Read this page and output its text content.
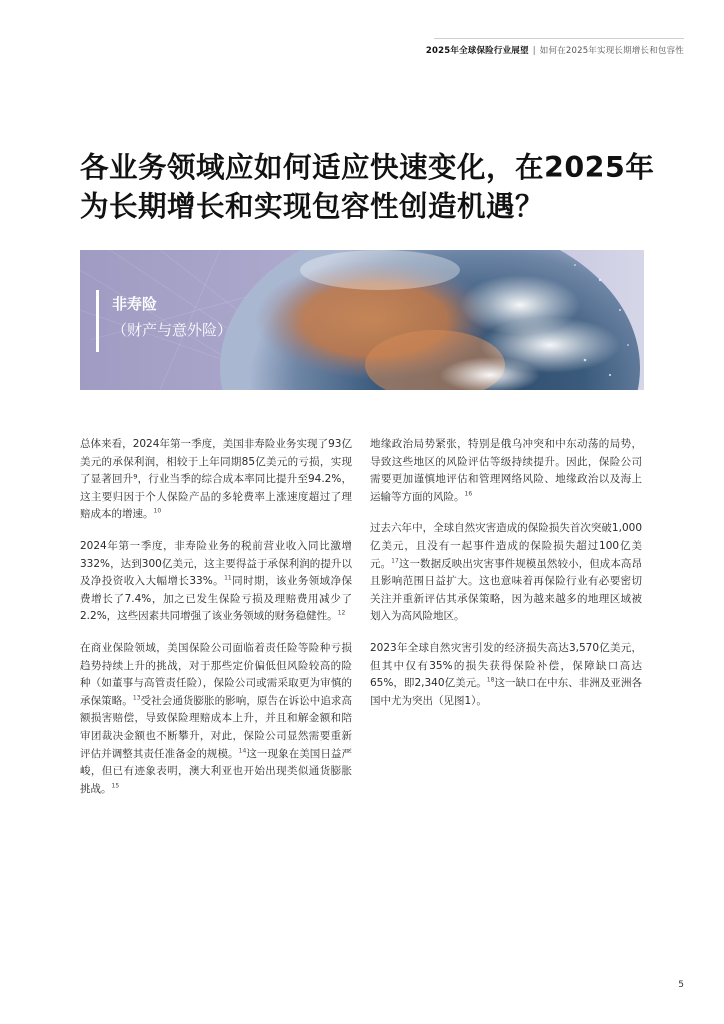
2025年全球保险行业展望 | 如何在2025年实现长期增长和包容性
各业务领域应如何适应快速变化，在2025年
为长期增长和实现包容性创造机遇？
非寿险
（财产与意外险）

总体来看，2024年第一季度，美国非寿险业务实现了93亿美元的承保利润，相较于上年同期85亿美元的亏损，实现了显著回升⁹，行业当季的综合成本率同比提升至94.2%，这主要归因于个人保险产品的多轮费率上涨速度超过了理赔成本的增速。$^{10}$

2024年第一季度，非寿险业务的税前营业收入同比激增332%，达到300亿美元，这主要得益于承保利润的提升以及净投资收入大幅增长33%。$^{11}$同时期，该业务领域净保费增长了7.4%，加之已发生保险亏损及理赔费用减少了2.2%，这些因素共同增强了该业务领域的财务稳健性。$^{12}$

在商业保险领域，美国保险公司面临着责任险等险种亏损趋势持续上升的挑战，对于那些定价偏低但风险较高的险种（如董事与高管责任险），保险公司或需采取更为审慎的承保策略。$^{13}$受社会通货膨胀的影响，原告在诉讼中追求高额损害赔偿，导致保险理赔成本上升，并且和解金额和陪审团裁决金额也不断攀升，对此，保险公司显然需要重新评估并调整其责任准备金的规模。$^{14}$这一现象在美国日益严峻，但已有迹象表明，澳大利亚也开始出现类似通货膨胀挑战。$^{15}$

地缘政治局势紧张，特别是俄乌冲突和中东动荡的局势，导致这些地区的风险评估等级持续提升。因此，保险公司需要更加谨慎地评估和管理网络风险、地缘政治以及海上运输等方面的风险。$^{16}$

过去六年中，全球自然灾害造成的保险损失首次突破1,000亿美元，且没有一起事件造成的保险损失超过100亿美元。$^{17}$这一数据反映出灾害事件规模虽然较小，但成本高昂且影响范围日益扩大。这也意味着再保险行业有必要密切关注并重新评估其承保策略，因为越来越多的地理区域被划入为高风险地区。

2023年全球自然灾害引发的经济损失高达3,570亿美元，但其中仅有35%的损失获得保险补偿，保障缺口高达65%，即2,340亿美元。$^{18}$这一缺口在中东、非洲及亚洲各国中尤为突出（见图1）。

5
